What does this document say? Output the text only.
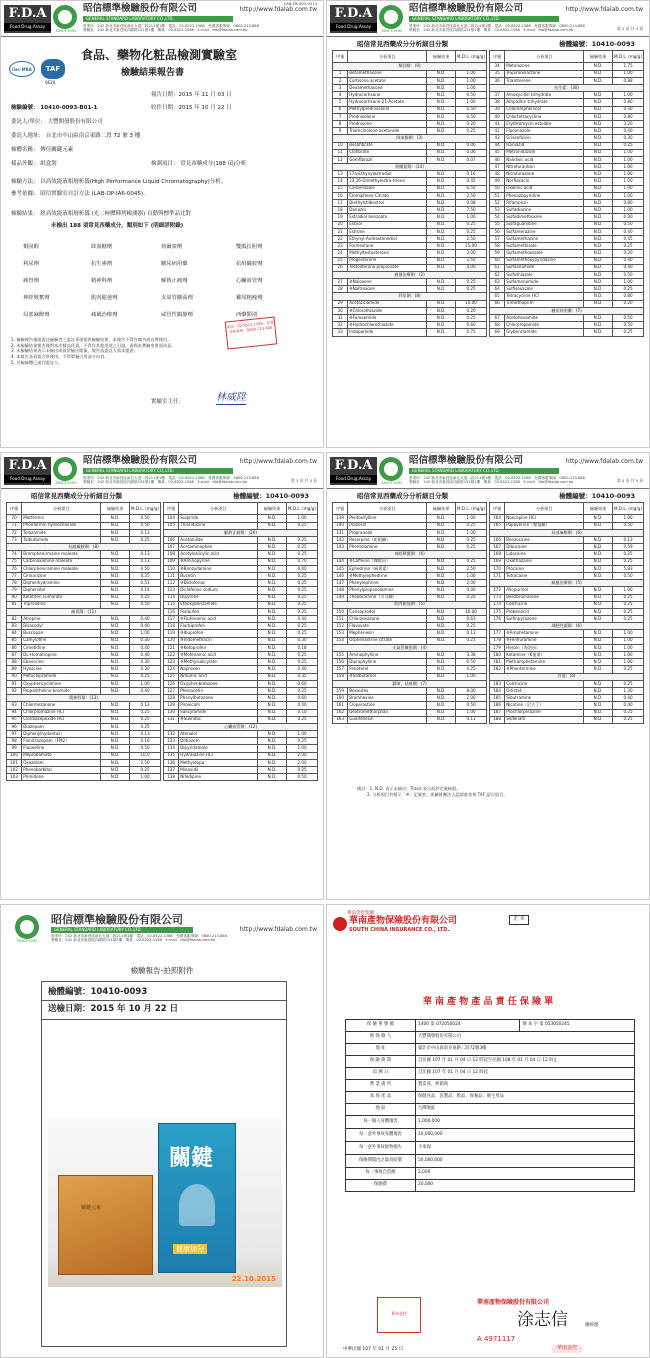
F.D.A
Food.Drug.Assay
SINCE1992
昭信標準檢驗股份有限公司
GENERAL STANDARD LABORATORY CO.,LTD.
營業所：242 新北市新莊區新北大道二段211號1樓　 電話：02-8522-1588　免費客服專線：0800-213-888
實驗室：242 新北市新莊區四維路151號1樓　 傳真：02-8522-1586　E-mail：fda@fdalab.com.tw
http://www.fdalab.com.tw
LAB-FR-300-0014
ilac-MRA	TAF
0620
食品、藥物化粧品檢測實驗室
檢驗結果報告書
報告日期：2015 年 11 月 03 日
收件日期：2015 年 10 月 22 日
檢驗編號： 10410-0093-B01-1
委託人/單位： 大豐開發股份有限公司
委託人地址： 台北市中山區南京東路二段 72 號 3 樓
檢體名稱： 傳佳關鍵元素
樣品外觀： 紙盒裝	檢測項目： 常見西藥成分(188 項)分析
檢驗方法： 以高效能液相層析儀(High Performance Liquid Chromatography)分析。
參考依據： 昭信實驗室自訂方法 (LAB-OP-IA6-0045)。
檢驗結果： 經高效能液相層析儀 (光二極體陣列檢測器) 自動與標準品比對
未檢出 188 項常見西藥成分，類別如下 (明細詳附錄)
類固醇	降血糖劑	荷爾蒙劑	雙胍抗胆劑
利尿劑	抗生素劑	糖尿病用藥	抗組織胺劑
痛胃劑	精神科劑	解熱止痛劑	心臟血管劑
神經興奮劑	肌肉鬆弛劑	支氣管擴張劑	雞尾粗瘦劑
局部麻醉劑	痛風治療劑	咸冒性鎮靜劑	西藥類別
電話：02-8522-1588　免費客服專線：0800-213-888
1. 檢驗報告僅就委託檢驗者之委託事項提供檢驗結果，本報告不得作廣告或宣傳使用。
2. 本檢驗結果報告僅對本次樣品負責，不得作其他用途之引證，需經本實驗室書面同意。
3. 未檢驗結果表示未檢出或低於檢出限量，報告依委託人需求提供。
4. 本報告各頁需合併使用，不得單獨引用部分內容。
5. 送檢檢體已退回委託人。
實驗室主任：	林威陞
F.D.A
Food.Drug.Assay
SINCE1992
昭信標準檢驗股份有限公司
GENERAL STANDARD LABORATORY CO.,LTD.
營業所：242 新北市新莊區新北大道二段211號1樓　 電話：02-8522-1588　免費客服專線：0800-213-888
實驗室：242 新北市新莊區四維路151號1樓　 傳真：02-8522-1586　E-mail：fda@fdalab.com.tw
http://www.fdalab.com.tw
第 2 頁 共 4 頁
昭信常見西藥成分分析細目分類	檢體編號：10410-0093
序號	分析項目	檢驗結果	M.D.L. (mg/g)
類固醇：(9)			
1	Betamethasone	N.D.	1.00
2	Cortisone acetate	N.D.	1.00
3	Dexamethasone	N.D.	1.00
4	Hydrocortisone	N.D.	0.50
5	Hydrocortisone-21-Acetate	N.D.	1.00
6	Methylprednisolone	N.D.	0.50
7	Prednisolone	N.D.	0.50
8	Prednisone	N.D.	0.20
9	Triamcinolone acetonide	N.D.	0.25
降血脂劑：(3)			
10	Bezafibrate	N.D.	0.06
11	Clofibrate	N.D.	0.06
12	Gemfibrozil	N.D.	0.07
荷爾蒙劑：(14)			
13	17a-Ethynylestradiol	N.D.	0.16
14	13,16-Dimethylestra-triene	N.D.	0.45
15	Carbimazole	N.D.	0.50
16	Clomiphene Citrate	N.D.	2.50
17	Diethylstilbestrol	N.D.	0.08
18	Danazol	N.D.	7.50
19	Estradiol benzoate	N.D.	1.00
20	Estriol	N.D.	0.25
21	Estrone	N.D.	0.25
22	Ethynyl-Androstenediol	N.D.	2.50
23	Formestane	N.D.	15.00
24	Methyltestosterone	N.D.	3.00
25	Progesterone	N.D.	2.50
26	Testosterone propionate	N.D.	4.00
痛風治療劑：(2)			
27	※Naloxone	N.D.	0.25
28	※Naltrexone	N.D.	0.25
利尿劑：(8)			
29	Acetazolamide	N.D.	10.00
30	※Chlorothiazide	N.D.	0.20
31	※Furosemide	N.D.	0.25
32	※Hydrochlorothiazide	N.D.	0.60
33	Indapamide	N.D.	0.75
序號	分析項目	檢驗結果	M.D.L. (mg/g)
34	Metolazone	N.D.	1.75
35	※Spironolactone	N.D.	1.00
36	Triamterene	N.D.	0.88
抗生素：(30)			
37	Amoxycillin trihydrate	N.D.	1.00
38	Ampicillin trihydrate	N.D.	0.80
39	Chloramphenicol	N.D.	0.30
40	Chlortetracycline	N.D.	0.80
41	Erythromycin estolate	N.D.	3.20
42	Fluconazole	N.D.	0.40
43	Griseofulvin	N.D.	0.30
44	Isoniazid	N.D.	0.25
45	Metronidazole	N.D.	1.00
46	Nalidixic acid	N.D.	1.00
47	Nitrofurantoin	N.D.	1.00
48	Nitrofurazone	N.D.	1.00
49	Norfloxacin	N.D.	1.00
50	Oxolinic acid	N.D.	1.00
51	Phenazopyridine	N.D.	1.00
52	Rifampicin	N.D.	0.80
53	Sulfadiazine	N.D.	1.00
54	Sulfadimethoxine	N.D.	0.30
55	Sulfaguanidine	N.D.	0.50
56	Sulfamerazine	N.D.	0.40
57	Sulfamethazine	N.D.	0.45
58	Sulfamethizole	N.D.	0.25
59	Sulfamethoxazole	N.D.	0.20
60	Sulfamethoxypyridazine	N.D.	0.40
61	Sulfanilamide	N.D.	0.40
62	Sulfathiazole	N.D.	0.50
63	Sulfamonomide	N.D.	1.00
64	Sulfisoxazole	N.D.	0.25
65	Tetracycline HCl	N.D.	0.80
66	Trimethoprim	N.D.	0.20
糖尿病用藥：(7)			
67	Acetohexamide	N.D.	0.50
68	Chlorpropamide	N.D.	0.50
69	Glybenclamide	N.D.	0.25
F.D.A
Food.Drug.Assay
SINCE1992
昭信標準檢驗股份有限公司
GENERAL STANDARD LABORATORY CO.,LTD.
營業所：242 新北市新莊區新北大道二段211號1樓　 電話：02-8522-1588　免費客服專線：0800-213-888
實驗室：242 新北市新莊區四維路151號1樓　 傳真：02-8522-1586　E-mail：fda@fdalab.com.tw
http://www.fdalab.com.tw
第 3 頁 共 4 頁
昭信常見西藥成分分析細目分類	檢體編號：10410-0093
序號	分析項目	檢驗結果	M.D.L. (mg/g)
70	Metformin	N.D.	0.50
71	Phenformin hydrochloride	N.D.	0.50
72	Tolazamide	N.D.	0.13
73	Tolbutamide	N.D.	0.25
抗組織胺劑：(8)			
74	Bromphenirmaine maleate	N.D.	0.13
75	Carbinoxamine maleate	N.D.	0.13
76	Chlorpheniramine maleate	N.D.	0.50
77	Cinnarizine	N.D.	0.25
78	Diphenhydramine	N.D.	0.53
79	Diphenidol	N.D.	0.14
80	Ketotifen Fumarate	N.D.	0.25
81	Triprolidine	N.D.	0.50
痛胃劑：(11)			
82	Atropine	N.D.	0.40
83	Bisacodyl	N.D.	0.40
84	Buscopan	N.D.	1.00
85	Camylofine	N.D.	0.30
86	Cimetidine	N.D.	0.40
87	DL-Homatropine	N.D.	0.40
88	Ebaverine	N.D.	0.30
89	Hyoscine	N.D.	0.30
90	Metoclopramide	N.D.	0.25
91	Oxyphencyclimine	N.D.	1.00
92	Propantheline bromide	N.D.	0.40
精神科劑：(13)			
93	Chlormezanone	N.D.	0.13
94	Chlorpromazine HCl	N.D.	0.25
95	Clordiazepoxide HCl	N.D.	0.25
96	Diazepam	N.D.	0.25
97	Diphenylhydantoin	N.D.	0.13
98	Flunitrazepam（FM2）	N.D.	0.16
99	Fluoxetine	N.D.	0.50
100	Meprobamate	N.D.	10.0
101	Oxazolam	N.D.	2.50
102	Phenobarbital	N.D.	0.25
103	Primidone	N.D.	1.00
序號	分析項目	檢驗結果	M.D.L. (mg/g)
104	Sulpiride	N.D.	1.00
105	Thioridazine	N.D.	0.25
解熱止痛劑：(26)			
106	Acetanilide	N.D.	0.25
107	Acetaminophen	N.D.	0.25
108	Acetylsalicylic acid	N.D.	0.25
109	※Aminopyrine	N.D.	0.70
110	※Benzydamine	N.D.	0.40
111	Bucetin	N.D.	0.25
112	※Diclofenac	N.D.	0.25
113	Diclofenac sodium	N.D.	0.25
114	Dipyrone	N.D.	0.25
115	Ethoxybenzamide	N.D.	0.25
116	Fenbufen	N.D.	0.25
117	※Flufenamic acid	N.D.	0.40
118	Flurbiprofen	N.D.	0.25
119	※Ibuprofen	N.D.	0.25
120	※Indomethacin	N.D.	0.30
121	※Ketoprofen	N.D.	0.18
122	※Mefenamic acid	N.D.	0.25
123	※Methylsalicylate	N.D.	0.25
124	Naproxen	N.D.	0.40
125	Niflumic acid	N.D.	0.35
126	Oxyphenbutazone	N.D.	0.60
127	Phenacetin	N.D.	0.25
128	Phenylbutazone	N.D.	0.60
129	Piroxicam	N.D.	0.40
130	Salicylamide	N.D.	0.10
131	※Sulindac	N.D.	0.25
心臟血管劑：(12)			
132	Atenolol	N.D.	1.00
133	Diltiazem	N.D.	0.25
134	Dipyridamole	N.D.	1.00
135	Hydralazine HCl	N.D.	2.00
136	Methyldopa	N.D.	2.00
137	Minoxidil	N.D.	0.25
138	Nifedipine	N.D.	0.50
F.D.A
Food.Drug.Assay
SINCE1992
昭信標準檢驗股份有限公司
GENERAL STANDARD LABORATORY CO.,LTD.
營業所：242 新北市新莊區新北大道二段211號1樓　 電話：02-8522-1588　免費客服專線：0800-213-888
實驗室：242 新北市新莊區四維路151號1樓　 傳真：02-8522-1586　E-mail：fda@fdalab.com.tw
http://www.fdalab.com.tw
第 4 頁 共 4 頁
昭信常見西藥成分分析細目分類	檢體編號：10410-0093
序號	分析項目	檢驗結果	M.D.L. (mg/g)
139	Pentoxifylline	N.D.	1.00
140	Prazosin	N.D.	0.25
141	Propranolol	N.D.	1.00
142	Reserpine（蛇根鹼）	N.D.	0.25
143	Phentolamine	N.D.	0.25
神經興奮劑：(6)			
144	※Caffeine（咖啡因）	N.D.	0.25
145	Ephedrine（麻黃素）	N.D.	2.50
146	※Methylephedrine	N.D.	1.00
147	Phenylephrine	N.D.	2.00
148	Phenylpropanolamine	N.D.	4.00
149	Theobromine（可可鹼）	N.D.	0.20
肌肉鬆弛劑：(5)			
150	Carisoprodol	N.D.	10.00
151	Chlorzoxazone	N.D.	0.63
152	Flavoxate	N.D.	0.25
153	Mephenesin	N.D.	0.13
154	Orphenadrine citrate	N.D.	0.25
支氣管擴張劑：(4)			
155	Aminophylline	N.D.	3.38
156	Diprophylline	N.D.	0.50
157	Fenoterol	N.D.	4.25
158	※Salbutamol	N.D.	1.00
鎮咳、祛痰劑：(7)			
159	Bexautes	N.D.	8.00
160	Bromhexine	N.D.	2.00
161	Cloperastine	N.D.	0.50
162	Dextromethorphan	N.D.	1.00
163	Guaifenesin	N.D.	0.13
序號	分析項目	檢驗結果	M.D.L. (mg/g)
164	Noscapine HCl	N.D.	1.00
165	Papaverine（罌粟鹼）	N.D.	0.50
局部麻醉劑：(6)			
166	Benzocaine	N.D.	0.13
167	Dibucaine	N.D.	0.59
168	Lidocaine	N.D.	0.25
169	Oxethazaine	N.D.	0.25
170	Procaine	N.D.	5.83
171	Tetracaine	N.D.	0.50
痛風治療劑：(5)			
172	Allopurinol	N.D.	1.00
173	Benzbromarone	N.D.	0.25
174	Colchicine	N.D.	0.25
175	Probenecid	N.D.	0.25
176	Sulfinpyrazone	N.D.	0.25
減肥性鎮靜：(6)			
177	※Amphetamine	N.D.	1.00
178	※Fenfluramine	N.D.	1.00
179	Heroin（海洛因）	N.D.	1.00
180	Ketamine（K他命）	N.D.	1.00
181	Methamphetamine	N.D.	1.00
182	※Phentermine	N.D.	0.25
其他：(6)			
183	Colchicine	N.D.	0.25
184	Orlistat	N.D.	1.30
185	Sibutramine	N.D.	0.40
186	Nicotine（尼古丁）	N.D.	0.40
187	Prochlorperazine	N.D.	0.25
188	Sildenafil	N.D.	0.25
備註：1. N.D. 表示未檢出；Trace 表示低於定量極限。
2. 分析項目有標示「※」記號者，係屬財團法人認證基金會 TAF 認可項目。
SINCE1992
昭信標準檢驗股份有限公司
GENERAL STANDARD LABORATORY CO.,LTD.
營業所：242 新北市新莊區新北大道二段211號1樓　 電話：02-8522-1588　免費客服專線：0800-213-888
實驗室：242 新北市新莊區四維路151號1樓　 傳真：02-8522-1586　E-mail：fda@fdalab.com.tw
http://www.fdalab.com.tw
檢驗報告-拍照附件
檢體編號：10410-0093
送檢日期：2015 年 10 月 22 日
關鍵元素
關鍵
健康加分
22.10.2015
華南金控集團
華南產物保險股份有限公司
SOUTH CHINA INSURANCE CO., LTD.
正 本
華 南 產 物 產 品 責 任 保 險 單
保 險 單 號 碼	1400 第 072050024	號 本 字 第 053050245
被 保 險 人	大豐開發股份有限公司	
地 址	臺北市中山區南京東路二段72號3樓	
保 險 期 間	自民國 107 年 01 月 04 日 12 時起至民國 108 年 01 月 04 日 12 時止	
追 溯 日	自民國 107 年 01 月 04 日 12 時起	
營 業 處 所	製造商、經銷商	
承 保 產 品	保健食品、乳製品、飲品、保養品、衛生用品	
地 區	台灣地區	
每一個人身體傷害	1,000,000	
每一意外事故身體傷害	10,000,000	
每一意外事故財物損失	不承保	
保險期間內之最高賠償	50,000,000	
每一事故自負額	2,000	
保險費	20,000	
華南產物保險股份有限公司
華南金控
總經理
涂志信
A 4971117
中華民國 107 年 01 月 25 日	華南金控
